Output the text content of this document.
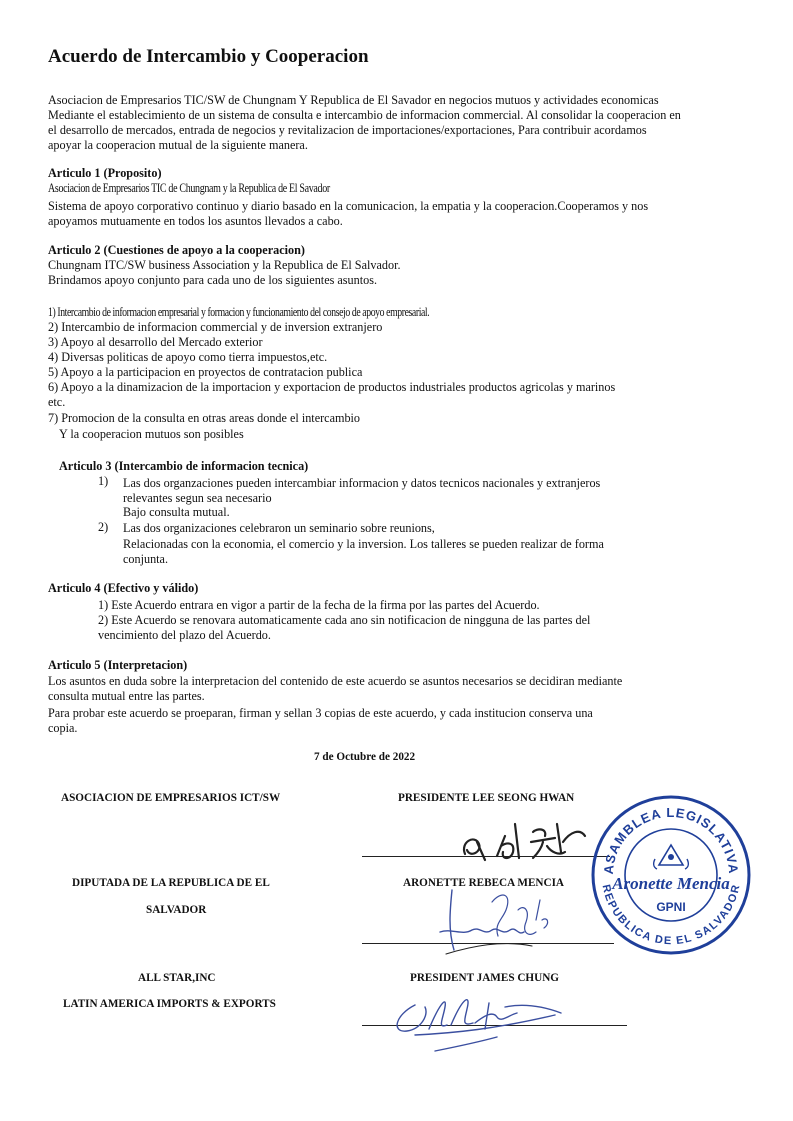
Acuerdo de Intercambio y Cooperacion
Asociacion de Empresarios TIC/SW de Chungnam Y Republica de El Savador en negocios mutuos y actividades economicas
Mediante el establecimiento de un sistema de consulta e intercambio de informacion commercial. Al consolidar la cooperacion en
el desarrollo de mercados, entrada de negocios y revitalizacion de importaciones/exportaciones, Para contribuir acordamos
apoyar la cooperacion mutual de la siguiente manera.
Articulo 1 (Proposito)
Asociacion de Empresarios TIC de Chungnam y la Republica de El Savador
Sistema de apoyo corporativo continuo y diario basado en la comunicacion, la empatia y la cooperacion.Cooperamos y nos
apoyamos mutuamente en todos los asuntos llevados a cabo.
Articulo 2 (Cuestiones de apoyo a la cooperacion)
Chungnam ITC/SW business Association y la Republica de El Salvador.
Brindamos apoyo conjunto para cada uno de los siguientes asuntos.
1) Intercambio de informacion empresarial y formacion y funcionamiento del consejo de apoyo empresarial.
2) Intercambio de informacion commercial y de inversion extranjero
3) Apoyo al desarrollo del Mercado exterior
4) Diversas politicas de apoyo como tierra impuestos,etc.
5) Apoyo a la participacion en proyectos de contratacion publica
6) Apoyo a la dinamizacion de la importacion y exportacion de productos industriales productos agricolas y marinos
etc.
7) Promocion de la consulta en otras areas donde el intercambio
Y la cooperacion mutuos son posibles
Articulo 3 (Intercambio de informacion tecnica)
1) Las dos organzaciones pueden intercambiar informacion y datos tecnicos nacionales y extranjeros
relevantes segun sea necesario
Bajo consulta mutual.
2) Las dos organizaciones celebraron un seminario sobre reunions,
Relacionadas con la economia, el comercio y la inversion. Los talleres se pueden realizar de forma
conjunta.
Articulo 4 (Efectivo y válido)
1) Este Acuerdo entrara en vigor a partir de la fecha de la firma por las partes del Acuerdo.
2) Este Acuerdo se renovara automaticamente cada ano sin notificacion de ningguna de las partes del
vencimiento del plazo del Acuerdo.
Articulo 5 (Interpretacion)
Los asuntos en duda sobre la interpretacion del contenido de este acuerdo se asuntos necesarios se decidiran mediante
consulta mutual entre las partes.
Para probar este acuerdo se proeparan, firman y sellan 3 copias de este acuerdo, y cada institucion conserva una
copia.
7 de Octubre de 2022
ASOCIACION DE EMPRESARIOS ICT/SW	PRESIDENTE LEE SEONG HWAN
DIPUTADA DE LA REPUBLICA DE EL
SALVADOR
ARONETTE REBECA MENCIA
ALL STAR,INC
LATIN AMERICA IMPORTS & EXPORTS
PRESIDENT JAMES CHUNG
ASAMBLEA LEGISLATIVA
REPUBLICA DE EL SALVADOR
Aronette Mencia
GPNI
